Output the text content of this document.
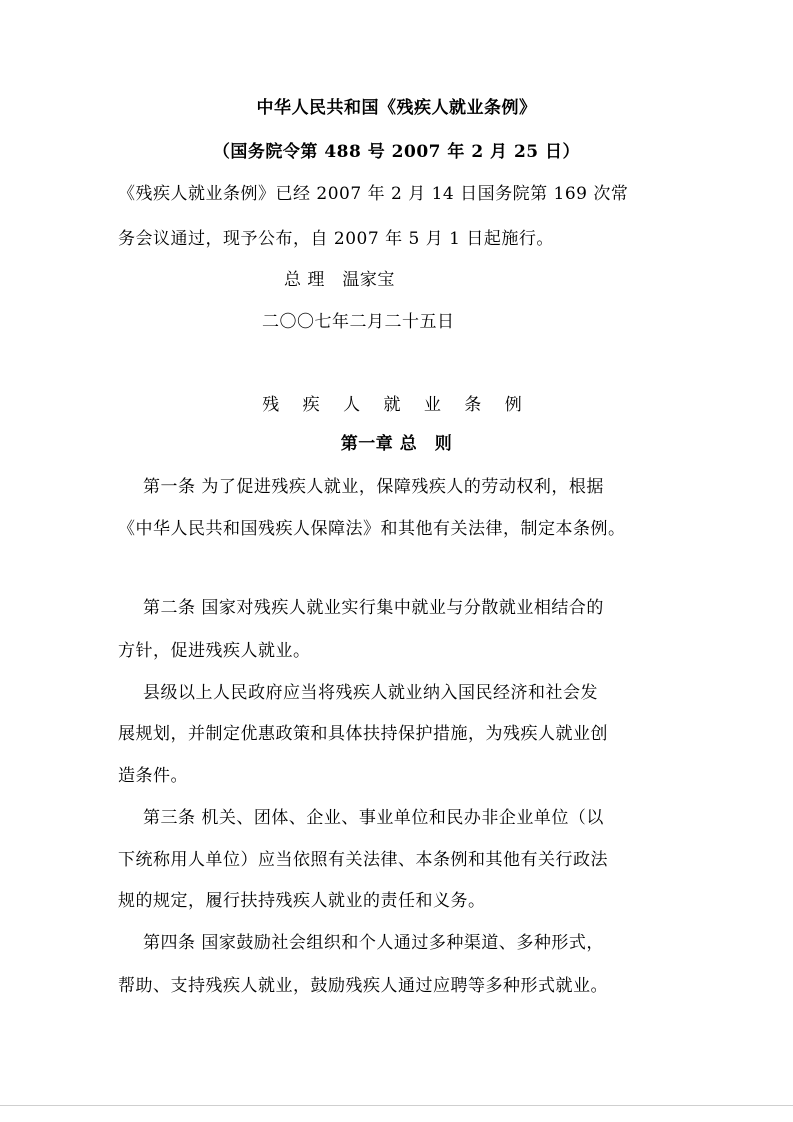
中华人民共和国《残疾人就业条例》
（国务院令第 488 号 2007 年 2 月 25 日）
《残疾人就业条例》已经 2007 年 2 月 14 日国务院第 169 次常
务会议通过，现予公布，自 2007 年 5 月 1 日起施行。
总 理　温家宝
二〇〇七年二月二十五日
残 疾 人 就 业 条 例
第一章 总　则
第一条 为了促进残疾人就业，保障残疾人的劳动权利，根据
《中华人民共和国残疾人保障法》和其他有关法律，制定本条例。
第二条 国家对残疾人就业实行集中就业与分散就业相结合的
方针，促进残疾人就业。
县级以上人民政府应当将残疾人就业纳入国民经济和社会发
展规划，并制定优惠政策和具体扶持保护措施，为残疾人就业创
造条件。
第三条 机关、团体、企业、事业单位和民办非企业单位（以
下统称用人单位）应当依照有关法律、本条例和其他有关行政法
规的规定，履行扶持残疾人就业的责任和义务。
第四条 国家鼓励社会组织和个人通过多种渠道、多种形式，
帮助、支持残疾人就业，鼓励残疾人通过应聘等多种形式就业。
